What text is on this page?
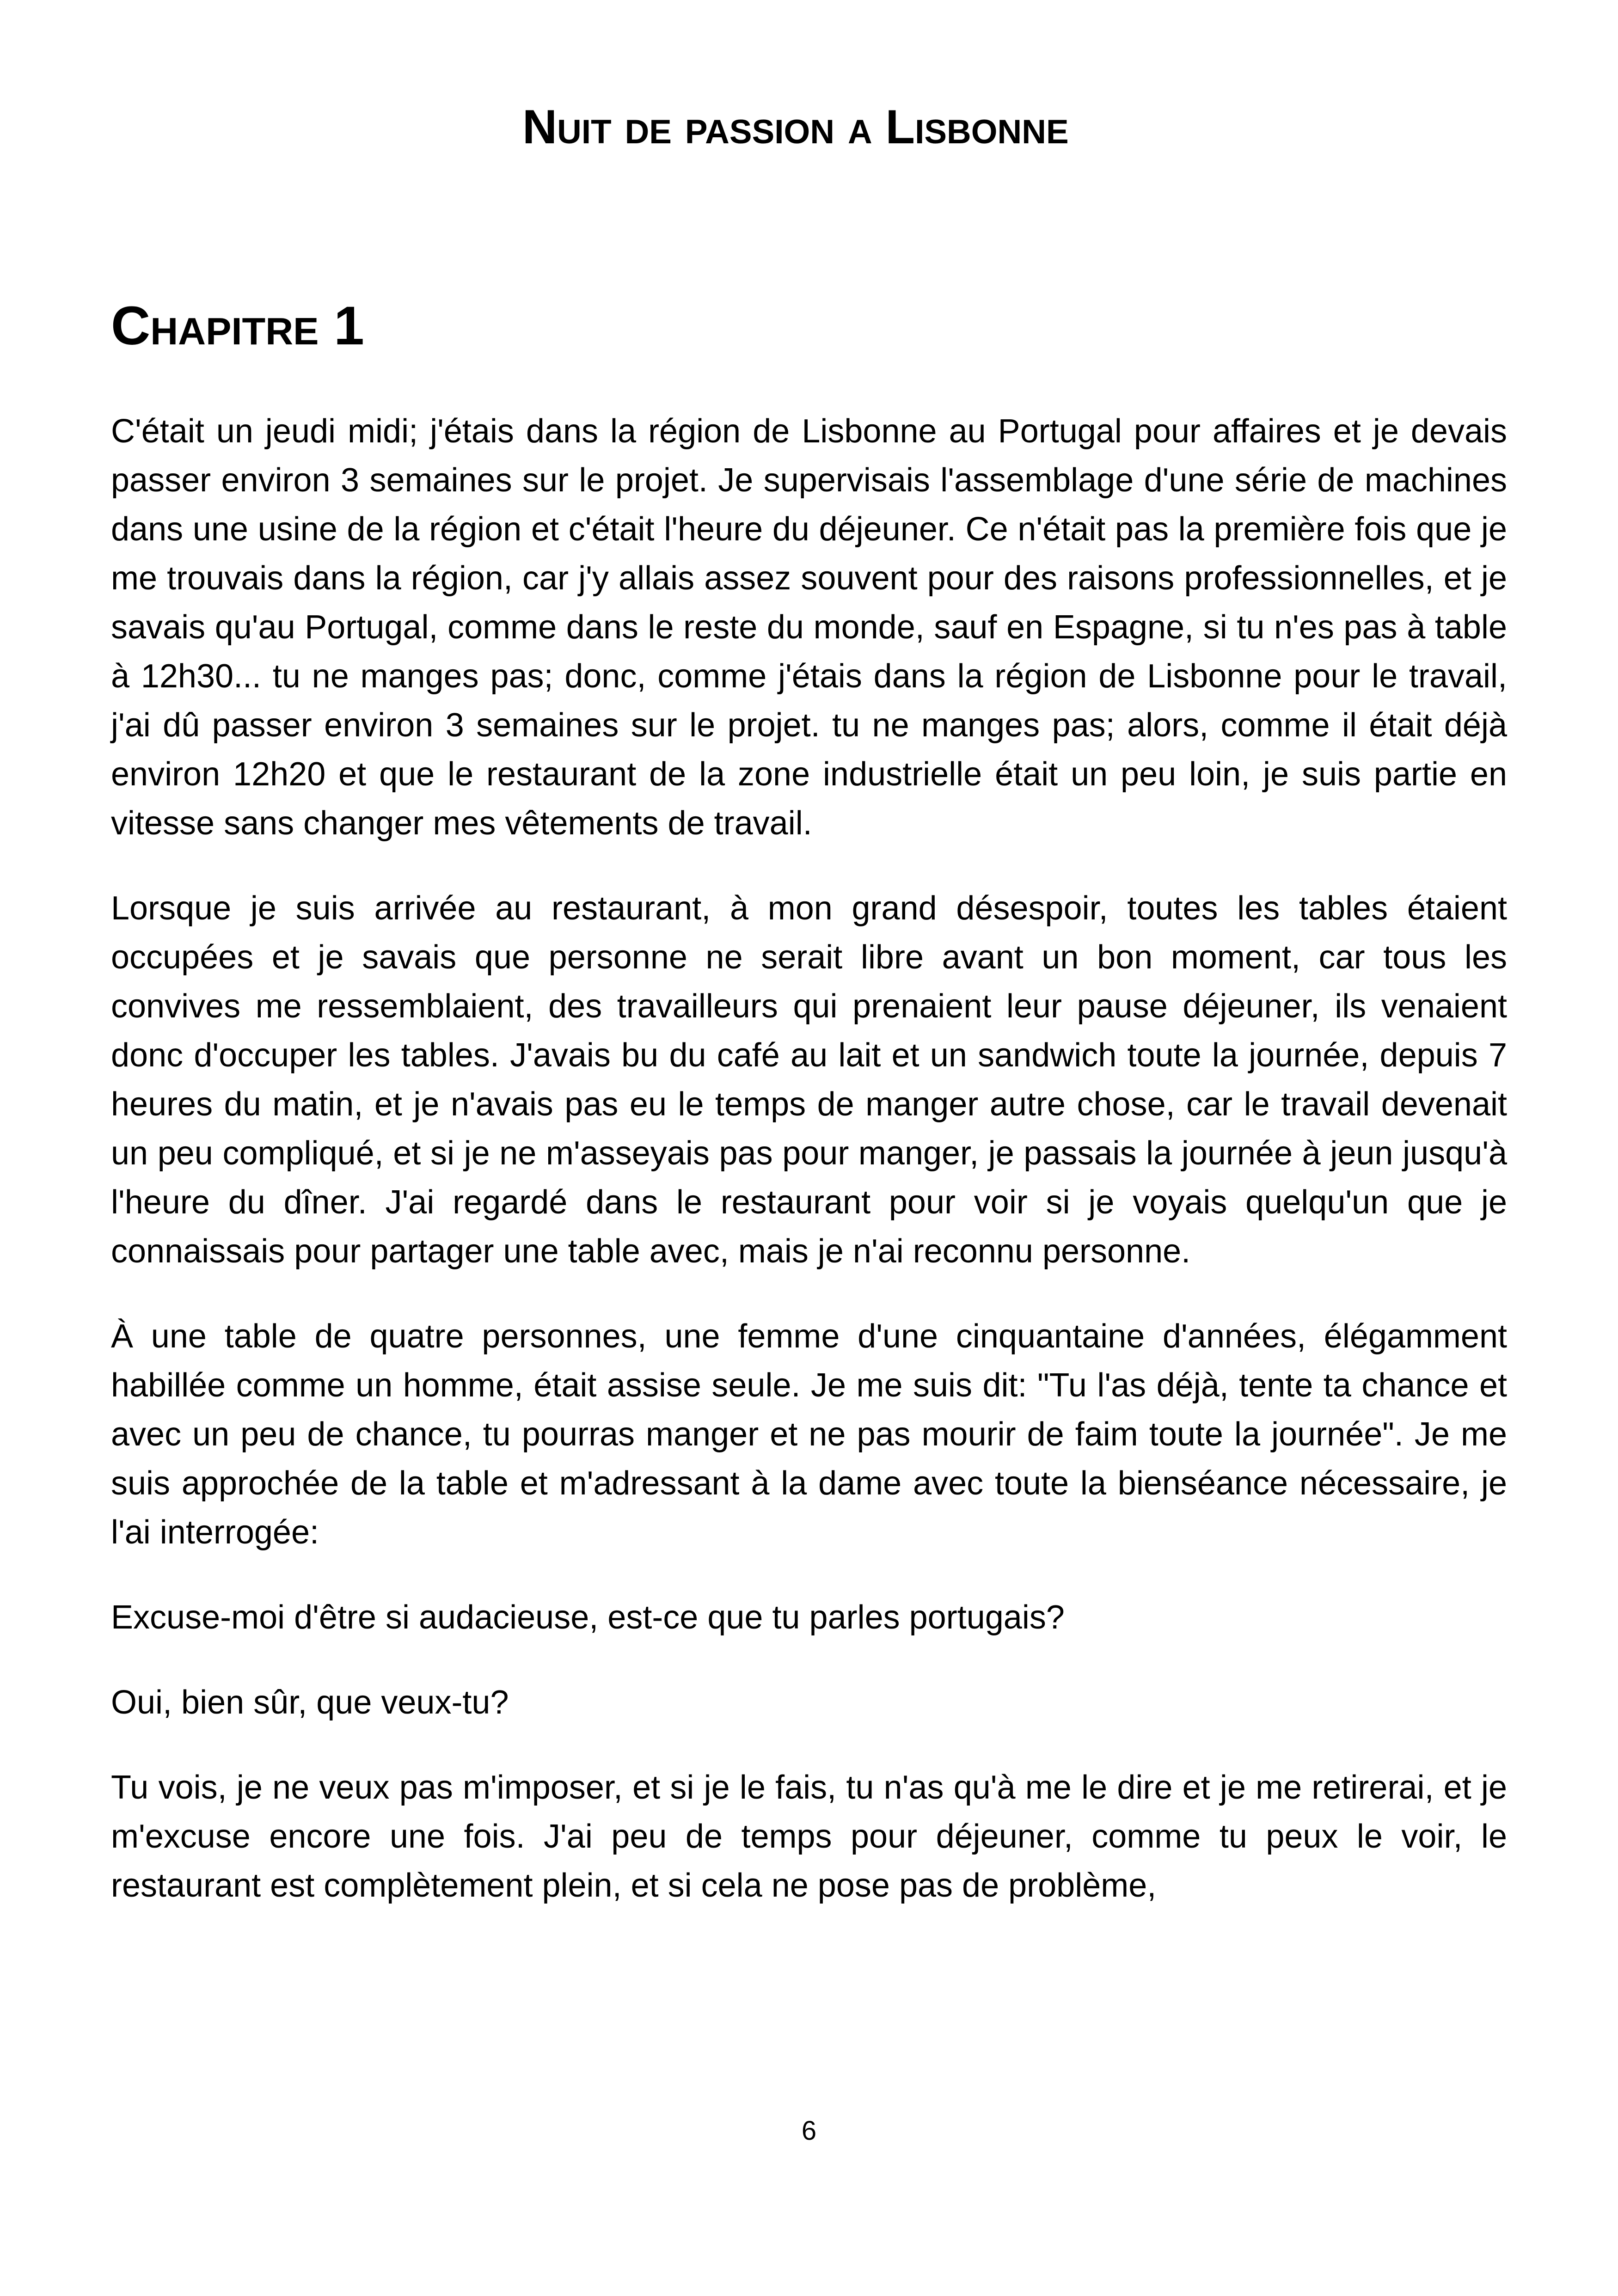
Nuit de passion a Lisbonne
Chapitre 1

C'était un jeudi midi; j'étais dans la région de Lisbonne au Portugal pour affaires et je devais passer environ 3 semaines sur le projet. Je supervisais l'assemblage d'une série de machines dans une usine de la région et c'était l'heure du déjeuner. Ce n'était pas la première fois que je me trouvais dans la région, car j'y allais assez souvent pour des raisons professionnelles, et je savais qu'au Portugal, comme dans le reste du monde, sauf en Espagne, si tu n'es pas à table à 12h30... tu ne manges pas; donc, comme j'étais dans la région de Lisbonne pour le travail, j'ai dû passer environ 3 semaines sur le projet. tu ne manges pas; alors, comme il était déjà environ 12h20 et que le restaurant de la zone industrielle était un peu loin, je suis partie en vitesse sans changer mes vêtements de travail.

Lorsque je suis arrivée au restaurant, à mon grand désespoir, toutes les tables étaient occupées et je savais que personne ne serait libre avant un bon moment, car tous les convives me ressemblaient, des travailleurs qui prenaient leur pause déjeuner, ils venaient donc d'occuper les tables. J'avais bu du café au lait et un sandwich toute la journée, depuis 7 heures du matin, et je n'avais pas eu le temps de manger autre chose, car le travail devenait un peu compliqué, et si je ne m'asseyais pas pour manger, je passais la journée à jeun jusqu'à l'heure du dîner. J'ai regardé dans le restaurant pour voir si je voyais quelqu'un que je connaissais pour partager une table avec, mais je n'ai reconnu personne.

À une table de quatre personnes, une femme d'une cinquantaine d'années, élégamment habillée comme un homme, était assise seule. Je me suis dit: "Tu l'as déjà, tente ta chance et avec un peu de chance, tu pourras manger et ne pas mourir de faim toute la journée". Je me suis approchée de la table et m'adressant à la dame avec toute la bienséance nécessaire, je l'ai interrogée:

Excuse-moi d'être si audacieuse, est-ce que tu parles portugais?

Oui, bien sûr, que veux-tu?

Tu vois, je ne veux pas m'imposer, et si je le fais, tu n'as qu'à me le dire et je me retirerai, et je m'excuse encore une fois. J'ai peu de temps pour déjeuner, comme tu peux le voir, le restaurant est complètement plein, et si cela ne pose pas de problème,

6
